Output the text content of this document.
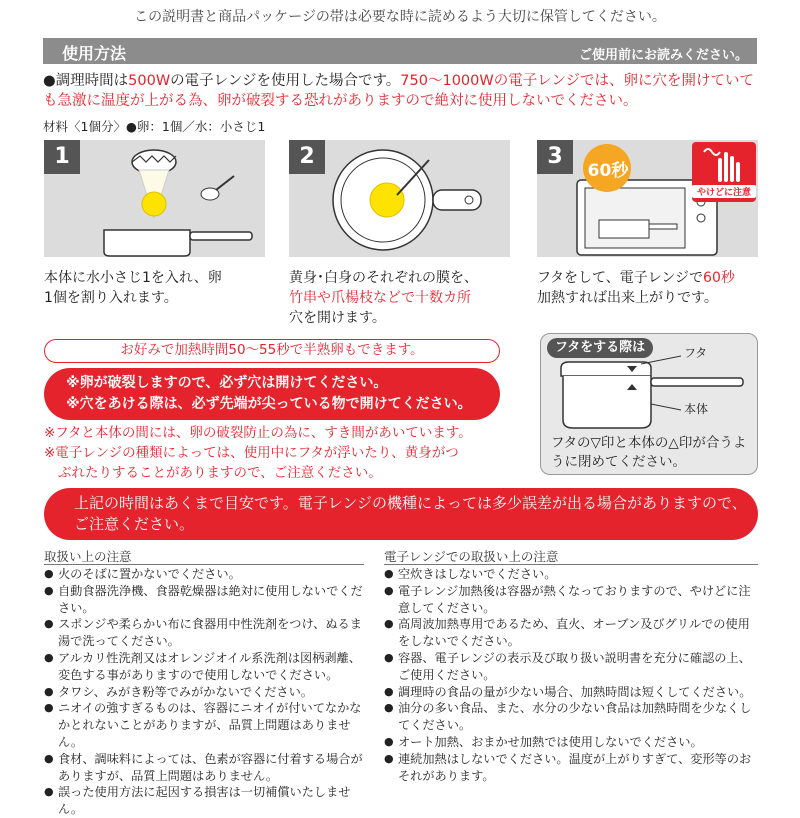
この説明書と商品パッケージの帯は必要な時に読めるよう大切に保管してください。
使用方法	ご使用前にお読みください。
●調理時間は500Wの電子レンジを使用した場合です。750～1000Wの電子レンジでは、卵に穴を開けていても急激に温度が上がる為、卵が破裂する恐れがありますので絶対に使用しないでください。
材料〈1個分〉●卵：1個／水：小さじ1
1	2
60秒
やけどに注意
3
本体に水小さじ1を入れ、卵
1個を割り入れます。
黄身･白身のそれぞれの膜を、
竹串や爪楊枝などで十数カ所
穴を開けます。
フタをして、電子レンジで60秒
加熱すれば出来上がりです。
お好みで加熱時間50～55秒で半熟卵もできます。
※卵が破裂しますので、必ず穴は開けてください。
※穴をあける際は、必ず先端が尖っている物で開けてください。
※フタと本体の間には、卵の破裂防止の為に、すき間があいています。
※電子レンジの種類によっては、使用中にフタが浮いたり、黄身がつ
ぶれたりすることがありますので、ご注意ください。
フタをする際は	フタ
本体
フタの▽印と本体の△印が合うように閉めてください。
上記の時間はあくまで目安です。電子レンジの機種によっては多少誤差が出る場合がありますので、ご注意ください。
取扱い上の注意
● 火のそばに置かないでください。
● 自動食器洗浄機、食器乾燥器は絶対に使用しないでください。
● スポンジや柔らかい布に食器用中性洗剤をつけ、ぬるま湯で洗ってください。
● アルカリ性洗剤又はオレンジオイル系洗剤は図柄剥離、変色する事がありますので使用しないでください。
● タワシ、みがき粉等でみがかないでください。
● ニオイの強すぎるものは、容器にニオイが付いてなかなかとれないことがありますが、品質上問題はありません。
● 食材、調味料によっては、色素が容器に付着する場合がありますが、品質上問題はありません。
● 誤った使用方法に起因する損害は一切補償いたしません。
電子レンジでの取扱い上の注意
● 空炊きはしないでください。
● 電子レンジ加熱後は容器が熱くなっておりますので、やけどに注意してください。
● 高周波加熱専用であるため、直火、オーブン及びグリルでの使用をしないでください。
● 容器、電子レンジの表示及び取り扱い説明書を充分に確認の上、ご使用ください。
● 調理時の食品の量が少ない場合、加熱時間は短くしてください。
● 油分の多い食品、また、水分の少ない食品は加熱時間を少なくしてください。
● オート加熱、おまかせ加熱では使用しないでください。
● 連続加熱はしないでください。温度が上がりすぎて、変形等のおそれがあります。
